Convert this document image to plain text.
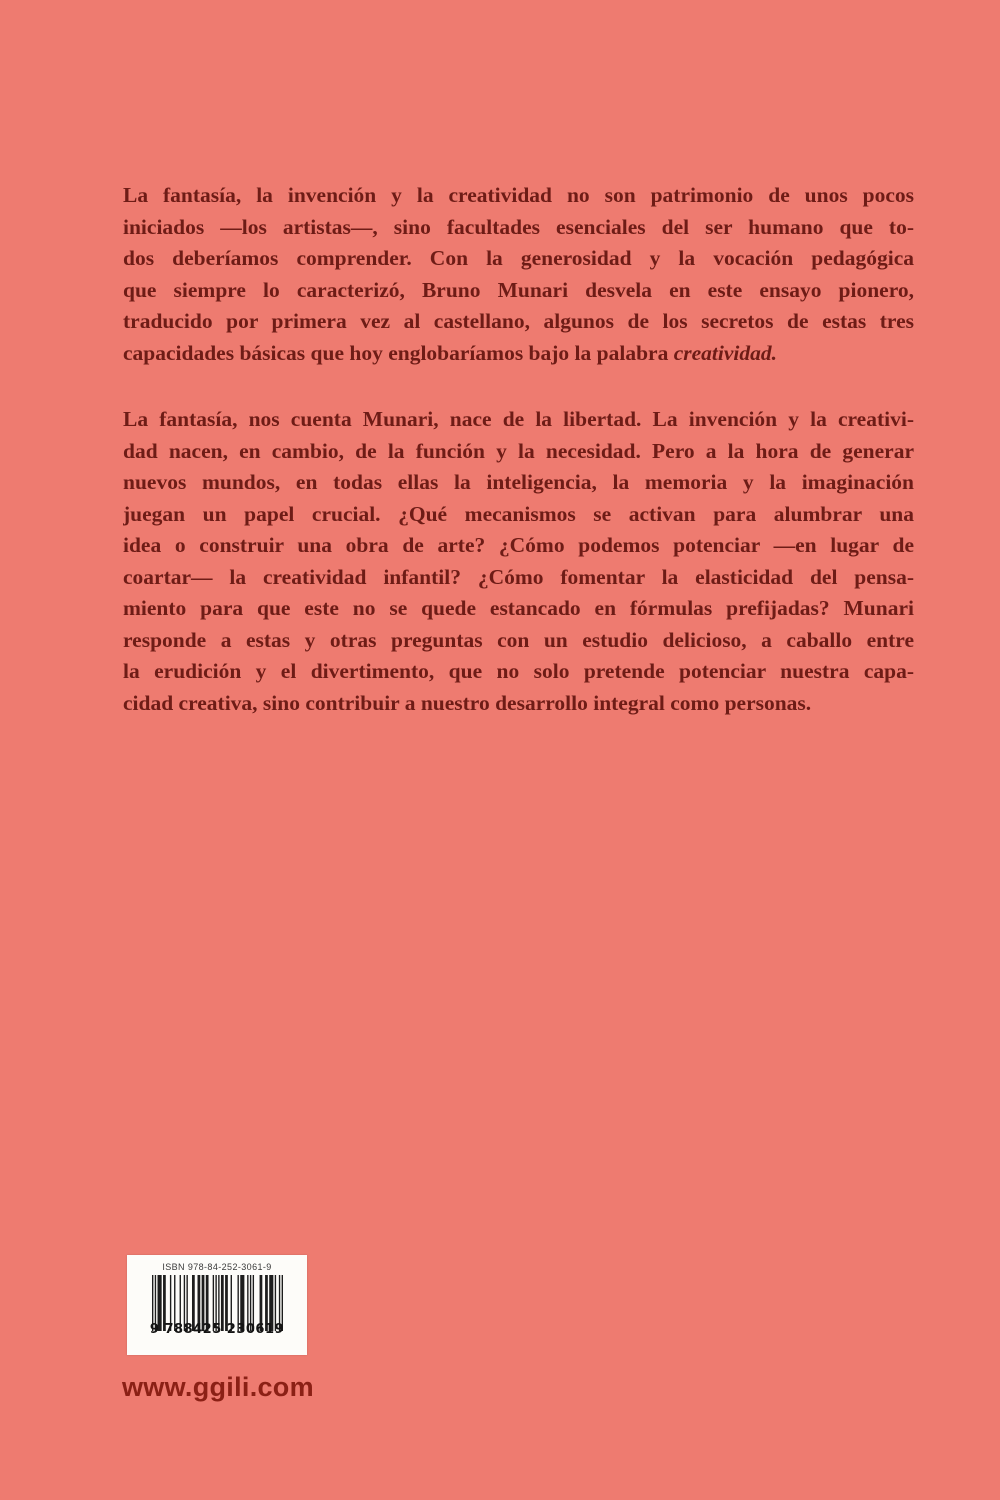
La fantasía, la invención y la creatividad no son patrimonio de unos pocos
iniciados —los artistas—, sino facultades esenciales del ser humano que to-
dos deberíamos comprender. Con la generosidad y la vocación pedagógica
que siempre lo caracterizó, Bruno Munari desvela en este ensayo pionero,
traducido por primera vez al castellano, algunos de los secretos de estas tres
capacidades básicas que hoy englobaríamos bajo la palabra creatividad.
La fantasía, nos cuenta Munari, nace de la libertad. La invención y la creativi-
dad nacen, en cambio, de la función y la necesidad. Pero a la hora de generar
nuevos mundos, en todas ellas la inteligencia, la memoria y la imaginación
juegan un papel crucial. ¿Qué mecanismos se activan para alumbrar una
idea o construir una obra de arte? ¿Cómo podemos potenciar —en lugar de
coartar— la creatividad infantil? ¿Cómo fomentar la elasticidad del pensa-
miento para que este no se quede estancado en fórmulas prefijadas? Munari
responde a estas y otras preguntas con un estudio delicioso, a caballo entre
la erudición y el divertimento, que no solo pretende potenciar nuestra capa-
cidad creativa, sino contribuir a nuestro desarrollo integral como personas.
ISBN 978-84-252-3061-9
9 788425 230619
www.ggili.com
